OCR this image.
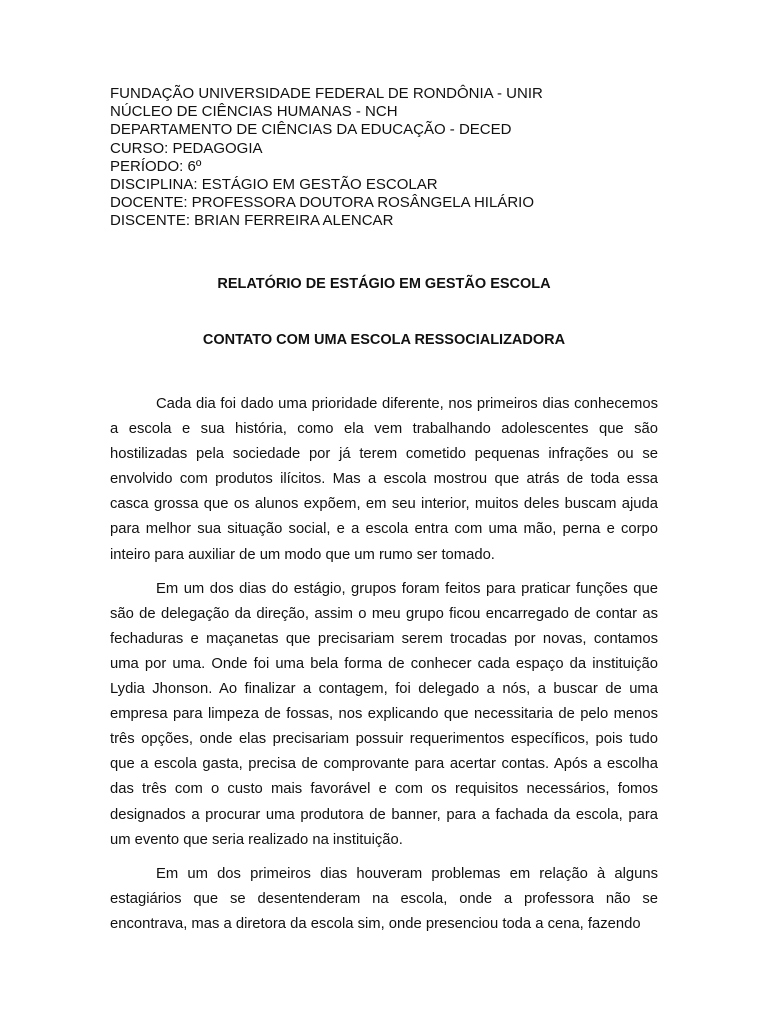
FUNDAÇÃO UNIVERSIDADE FEDERAL DE RONDÔNIA - UNIR
NÚCLEO DE CIÊNCIAS HUMANAS - NCH
DEPARTAMENTO DE CIÊNCIAS DA EDUCAÇÃO - DECED
CURSO: PEDAGOGIA
PERÍODO: 6º
DISCIPLINA: ESTÁGIO EM GESTÃO ESCOLAR
DOCENTE: PROFESSORA DOUTORA ROSÂNGELA HILÁRIO
DISCENTE: BRIAN FERREIRA ALENCAR
RELATÓRIO DE ESTÁGIO EM GESTÃO ESCOLA
CONTATO COM UMA ESCOLA RESSOCIALIZADORA

Cada dia foi dado uma prioridade diferente, nos primeiros dias conhecemos a escola e sua história, como ela vem trabalhando adolescentes que são hostilizadas pela sociedade por já terem cometido pequenas infrações ou se envolvido com produtos ilícitos. Mas a escola mostrou que atrás de toda essa casca grossa que os alunos expõem, em seu interior, muitos deles buscam ajuda para melhor sua situação social, e a escola entra com uma mão, perna e corpo inteiro para auxiliar de um modo que um rumo ser tomado.

Em um dos dias do estágio, grupos foram feitos para praticar funções que são de delegação da direção, assim o meu grupo ficou encarregado de contar as fechaduras e maçanetas que precisariam serem trocadas por novas, contamos uma por uma. Onde foi uma bela forma de conhecer cada espaço da instituição Lydia Jhonson. Ao finalizar a contagem, foi delegado a nós, a buscar de uma empresa para limpeza de fossas, nos explicando que necessitaria de pelo menos três opções, onde elas precisariam possuir requerimentos específicos, pois tudo que a escola gasta, precisa de comprovante para acertar contas. Após a escolha das três com o custo mais favorável e com os requisitos necessários, fomos designados a procurar uma produtora de banner, para a fachada da escola, para um evento que seria realizado na instituição.

Em um dos primeiros dias houveram problemas em relação à alguns estagiários que se desentenderam na escola, onde a professora não se encontrava, mas a diretora da escola sim, onde presenciou toda a cena, fazendo
